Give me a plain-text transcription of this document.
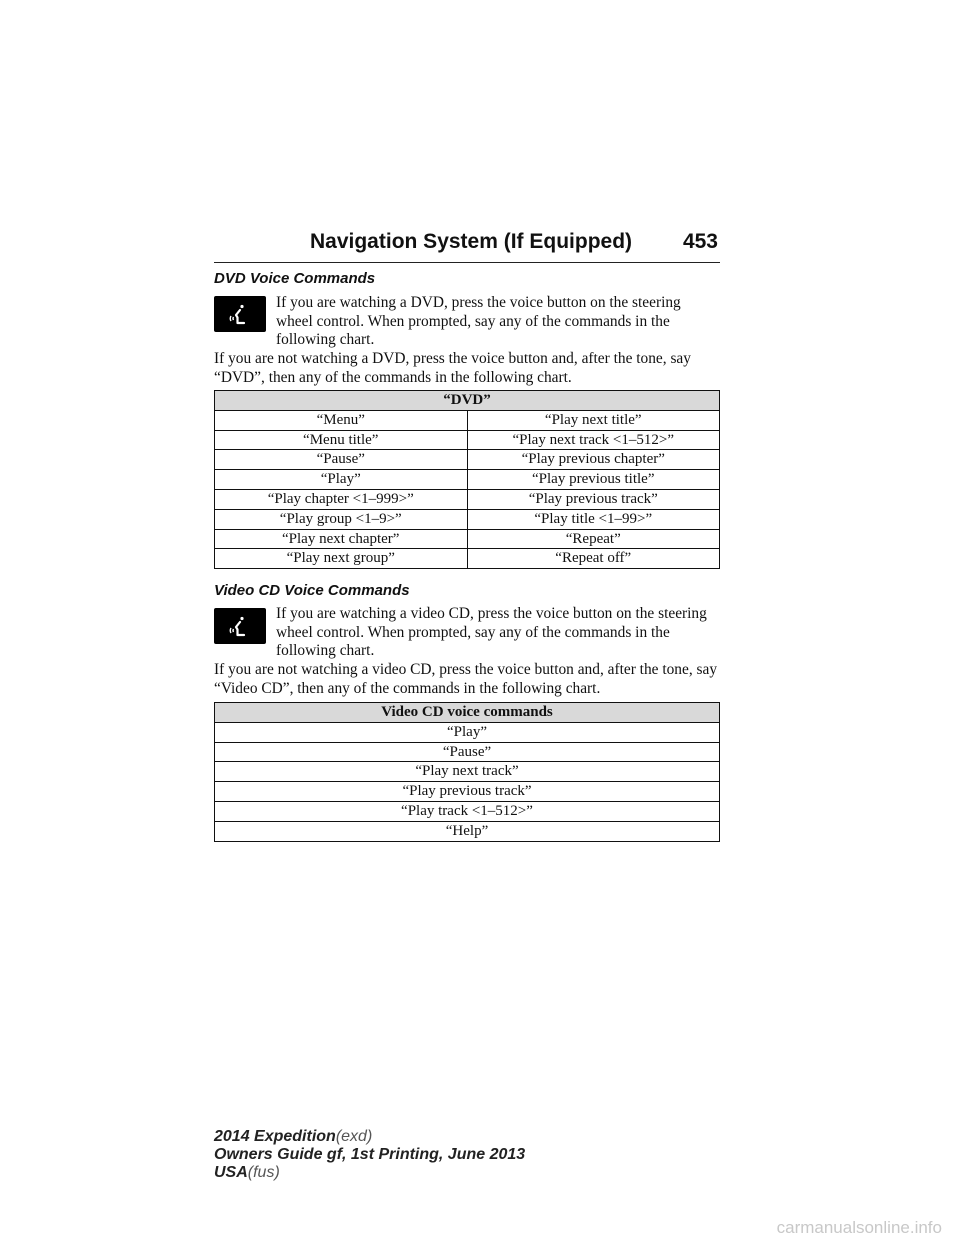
Navigation System (If Equipped) 453
DVD Voice Commands
If you are watching a DVD, press the voice button on the steering wheel control. When prompted, say any of the commands in the following chart.
If you are not watching a DVD, press the voice button and, after the tone, say “DVD”, then any of the commands in the following chart.
“DVD”	
“Menu”	“Play next title”
“Menu title”	“Play next track <1–512>”
“Pause”	“Play previous chapter”
“Play”	“Play previous title”
“Play chapter <1–999>”	“Play previous track”
“Play group <1–9>”	“Play title <1–99>”
“Play next chapter”	“Repeat”
“Play next group”	“Repeat off”
Video CD Voice Commands
If you are watching a video CD, press the voice button on the steering wheel control. When prompted, say any of the commands in the following chart.
If you are not watching a video CD, press the voice button and, after the tone, say “Video CD”, then any of the commands in the following chart.
Video CD voice commands
“Play”
“Pause”
“Play next track”
“Play previous track”
“Play track <1–512>”
“Help”
2014 Expedition(exd)
Owners Guide gf, 1st Printing, June 2013
USA(fus)
carmanualsonline.info
